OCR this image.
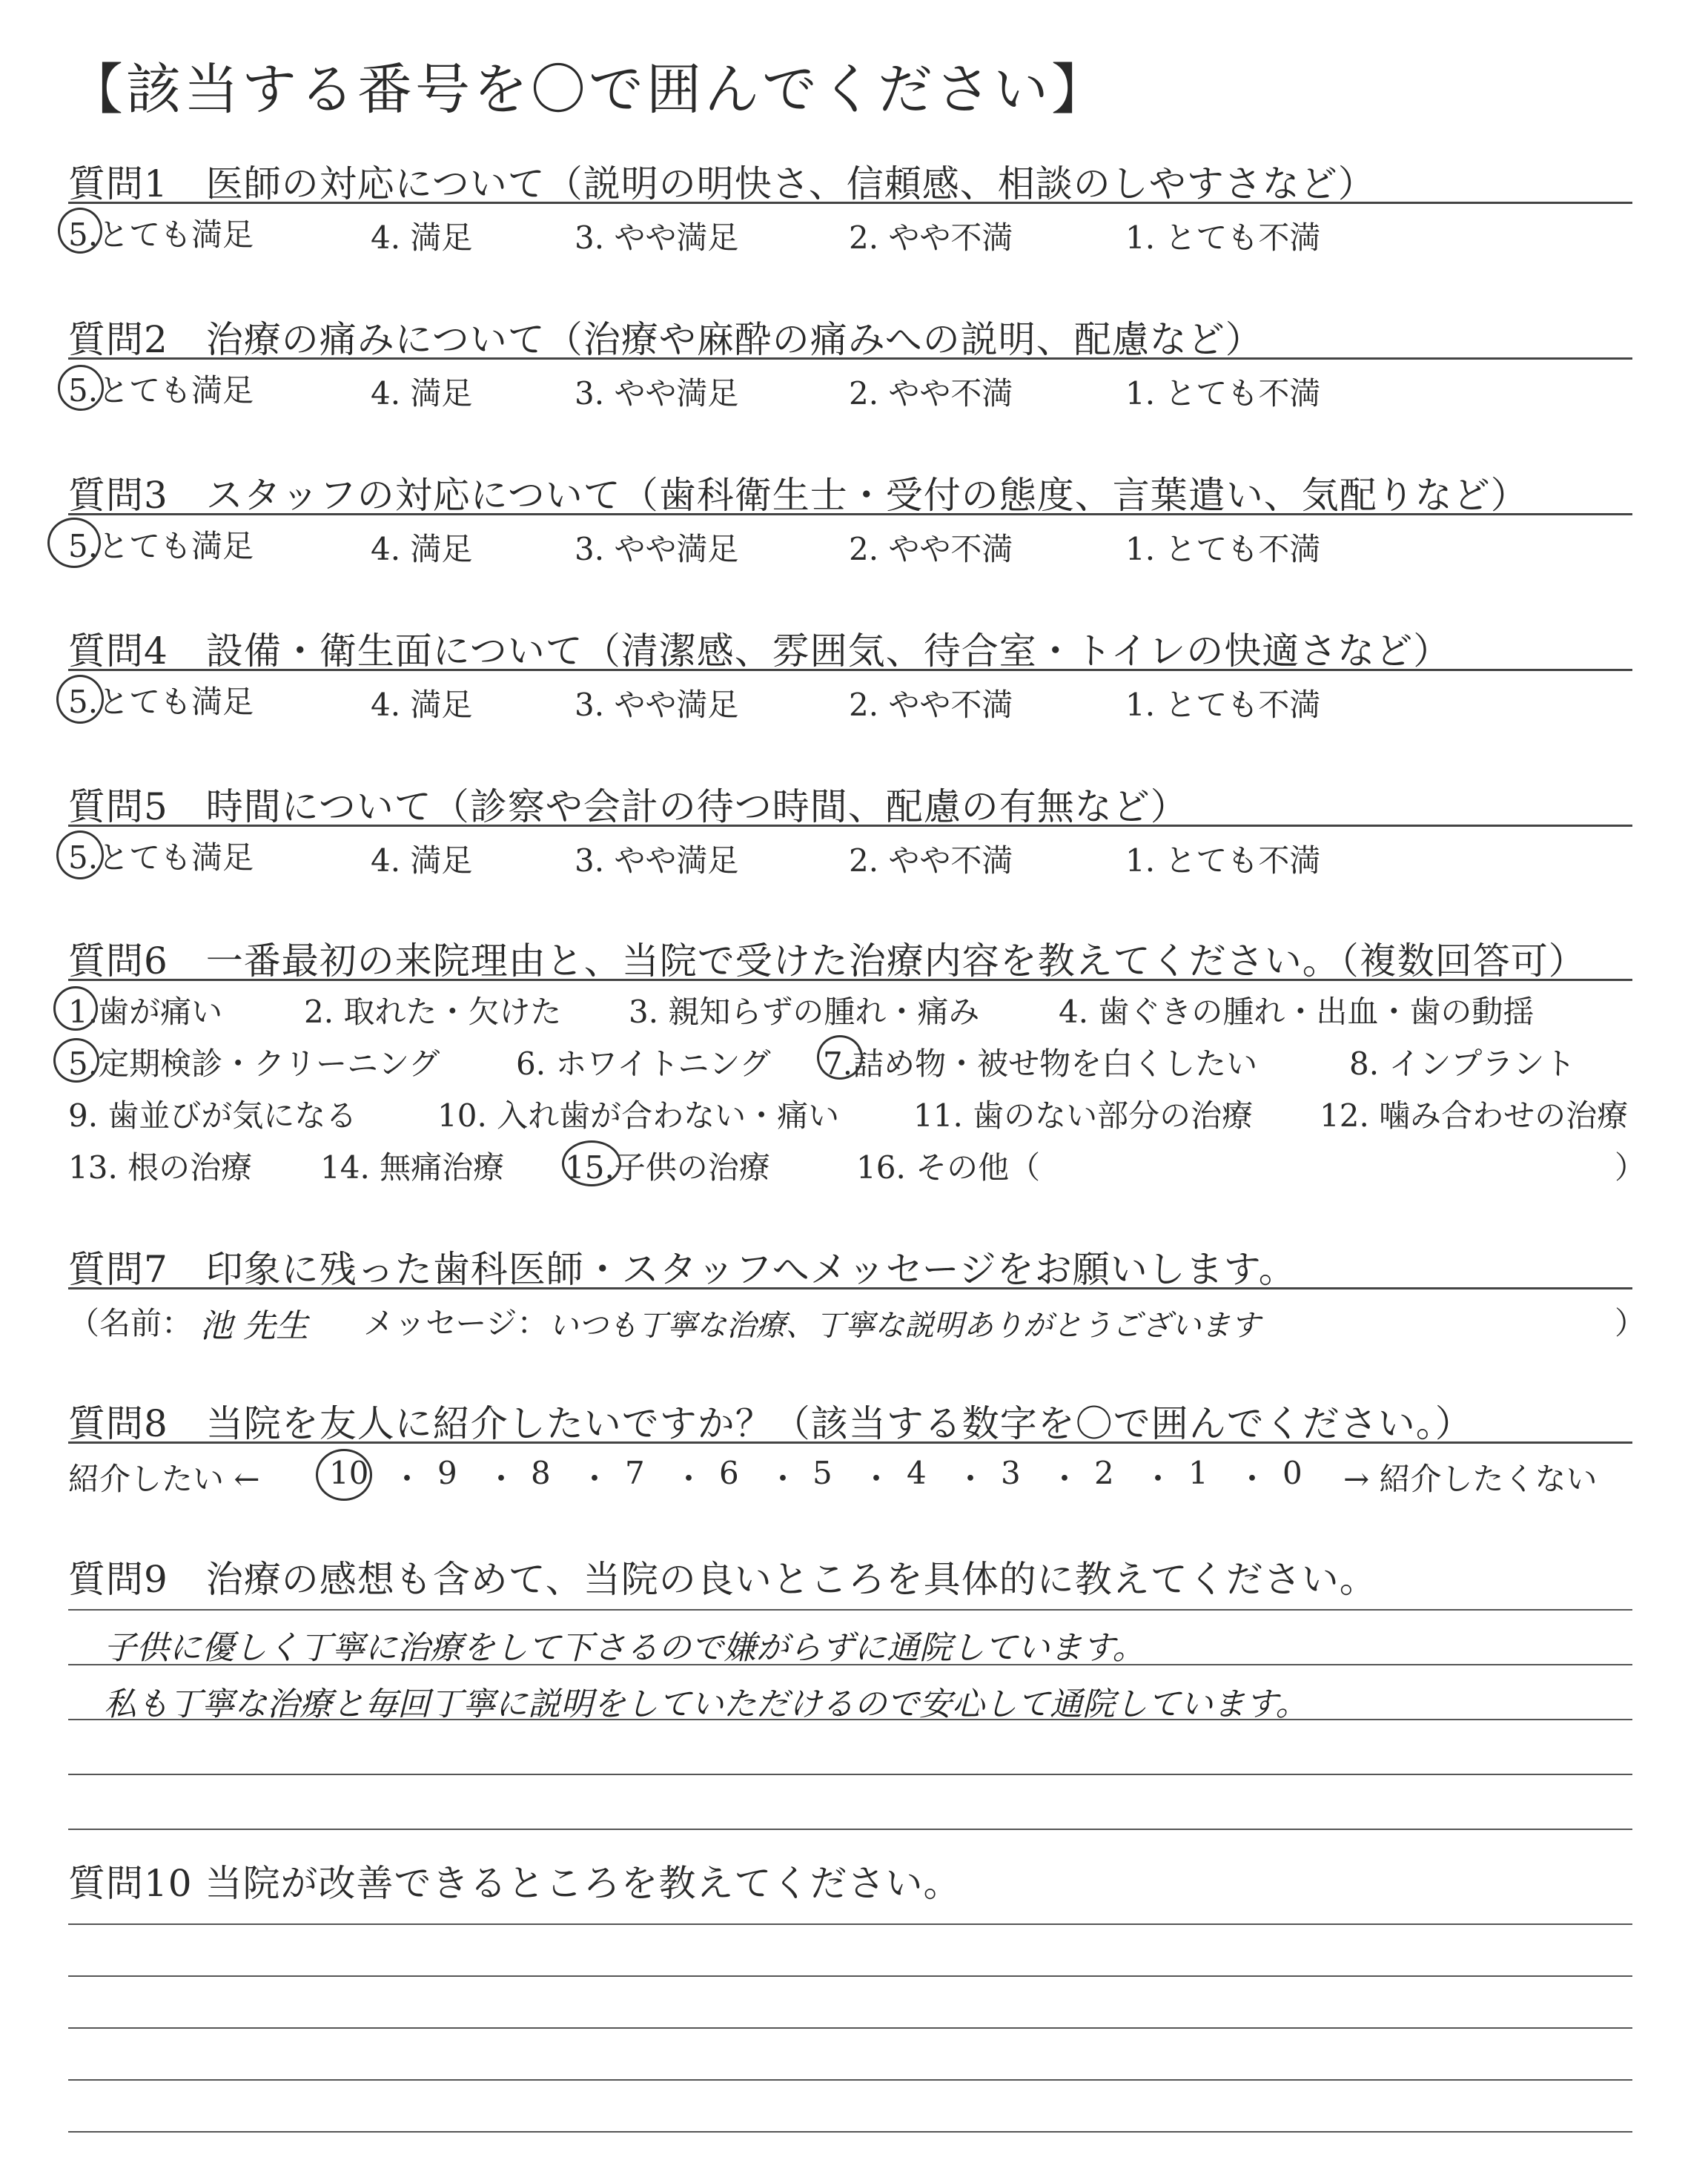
【該当する番号を〇で囲んでください】
質問1　医師の対応について（説明の明快さ、信頼感、相談のしやすさなど）
5.とても満足	4. 満足	3. やや満足	2. やや不満	1. とても不満
質問2　治療の痛みについて（治療や麻酔の痛みへの説明、配慮など）
5.とても満足	4. 満足	3. やや満足	2. やや不満	1. とても不満
質問3　スタッフの対応について（歯科衛生士・受付の態度、言葉遣い、気配りなど）
5.とても満足	4. 満足	3. やや満足	2. やや不満	1. とても不満
質問4　設備・衛生面について（清潔感、雰囲気、待合室・トイレの快適さなど）
5.とても満足	4. 満足	3. やや満足	2. やや不満	1. とても不満
質問5　時間について（診察や会計の待つ時間、配慮の有無など）
5.とても満足	4. 満足	3. やや満足	2. やや不満	1. とても不満
質問6　一番最初の来院理由と、当院で受けた治療内容を教えてください。（複数回答可）
1.歯が痛い	2. 取れた・欠けた 3. 親知らずの腫れ・痛み	4. 歯ぐきの腫れ・出血・歯の動揺
5.定期検診・クリーニング 6. ホワイトニング 7.詰め物・被せ物を白くしたい	8. インプラント
9. 歯並びが気になる	10. 入れ歯が合わない・痛い 11. 歯のない部分の治療 12. 噛み合わせの治療
13. 根の治療 14. 無痛治療 15.子供の治療	16. その他（	）
質問7　印象に残った歯科医師・スタッフへメッセージをお願いします。
（名前： 池 先生 メッセージ： いつも丁寧な治療、丁寧な説明ありがとうございます	）
質問8　当院を友人に紹介したいですか？（該当する数字を〇で囲んでください。）
紹介したい ← 10 ・ 9 ・ 8 ・ 7 ・ 6 ・ 5 ・ 4 ・ 3 ・ 2 ・ 1 ・ 0 → 紹介したくない
質問9　治療の感想も含めて、当院の良いところを具体的に教えてください。
子供に優しく丁寧に治療をして下さるので嫌がらずに通院しています。
私も丁寧な治療と毎回丁寧に説明をしていただけるので安心して通院しています。
質問10 当院が改善できるところを教えてください。
